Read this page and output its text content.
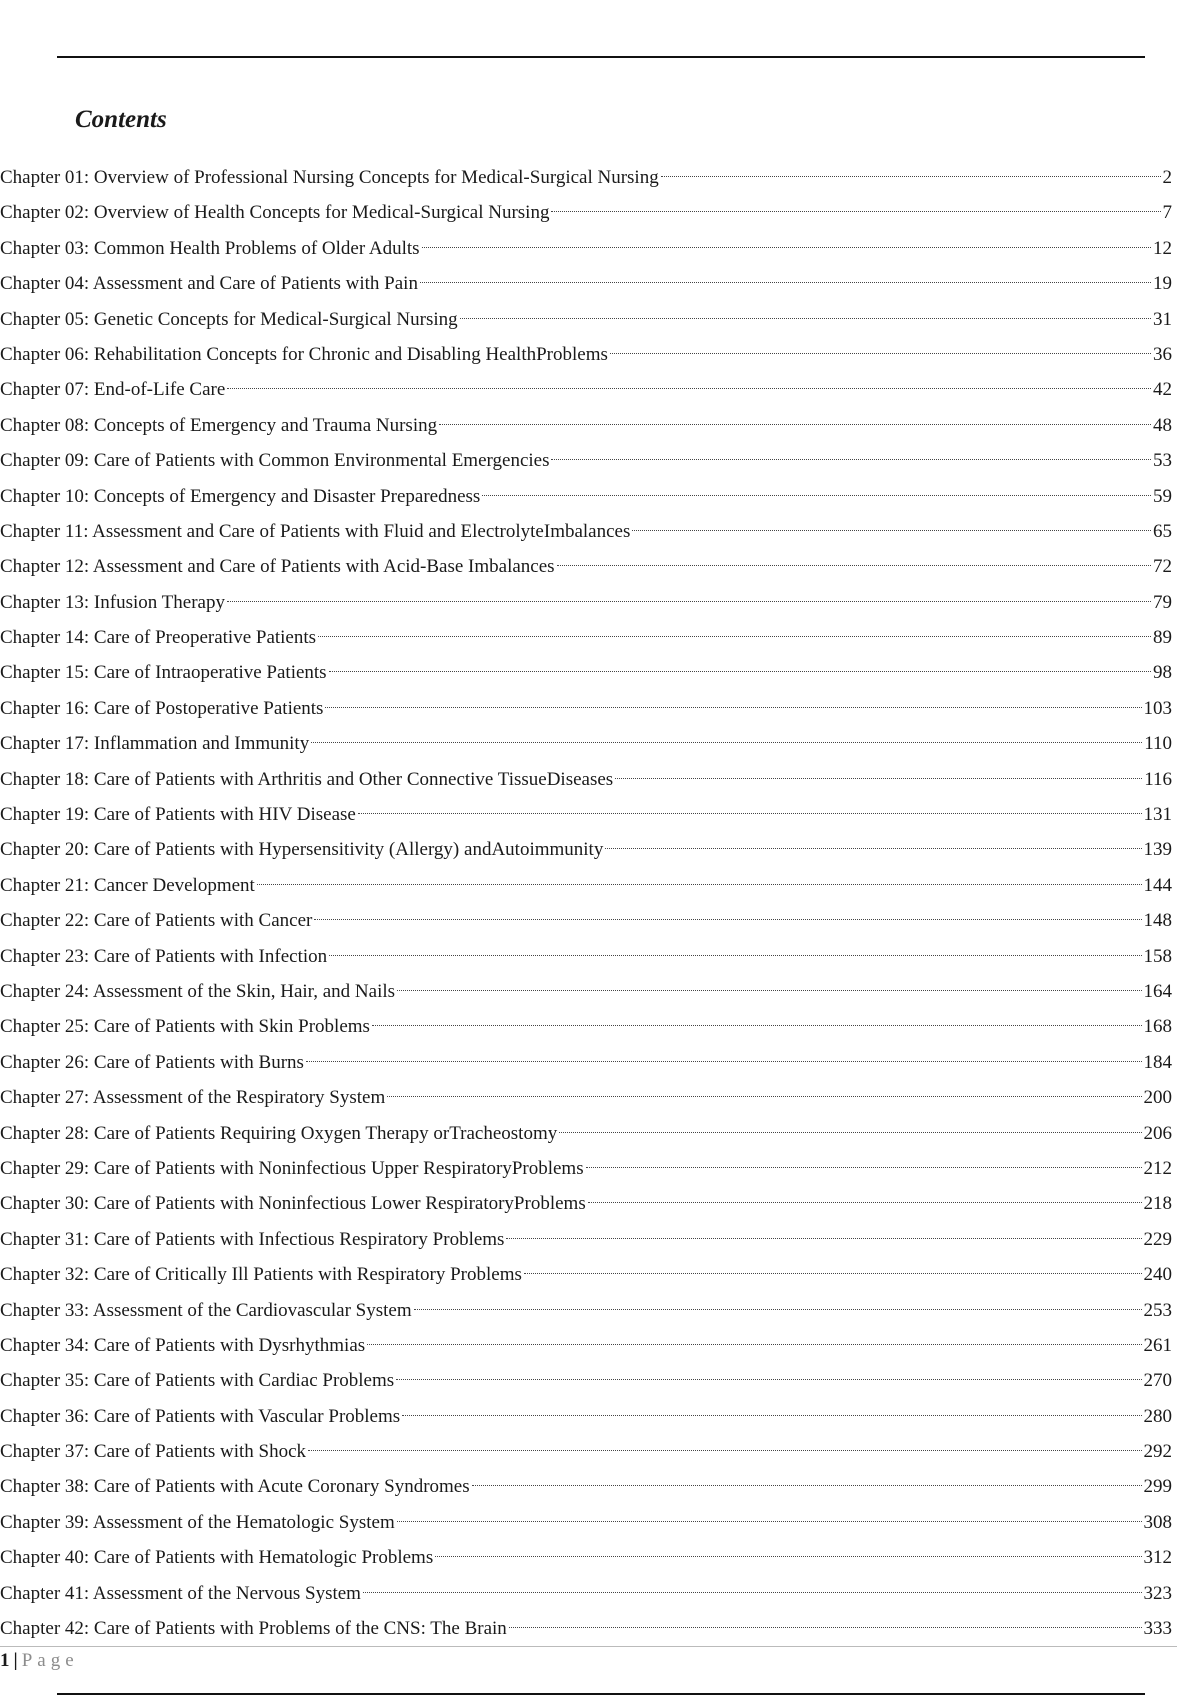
Contents
Chapter 01: Overview of Professional Nursing Concepts for Medical-Surgical Nursing	2
Chapter 02: Overview of Health Concepts for Medical-Surgical Nursing	7
Chapter 03: Common Health Problems of Older Adults	12
Chapter 04: Assessment and Care of Patients with Pain	19
Chapter 05: Genetic Concepts for Medical-Surgical Nursing	31
Chapter 06: Rehabilitation Concepts for Chronic and Disabling HealthProblems	36
Chapter 07: End-of-Life Care	42
Chapter 08: Concepts of Emergency and Trauma Nursing	48
Chapter 09: Care of Patients with Common Environmental Emergencies	53
Chapter 10: Concepts of Emergency and Disaster Preparedness	59
Chapter 11: Assessment and Care of Patients with Fluid and ElectrolyteImbalances	65
Chapter 12: Assessment and Care of Patients with Acid-Base Imbalances	72
Chapter 13: Infusion Therapy	79
Chapter 14: Care of Preoperative Patients	89
Chapter 15: Care of Intraoperative Patients	98
Chapter 16: Care of Postoperative Patients	103
Chapter 17: Inflammation and Immunity	110
Chapter 18: Care of Patients with Arthritis and Other Connective TissueDiseases	116
Chapter 19: Care of Patients with HIV Disease	131
Chapter 20: Care of Patients with Hypersensitivity (Allergy) andAutoimmunity	139
Chapter 21: Cancer Development	144
Chapter 22: Care of Patients with Cancer	148
Chapter 23: Care of Patients with Infection	158
Chapter 24: Assessment of the Skin, Hair, and Nails	164
Chapter 25: Care of Patients with Skin Problems	168
Chapter 26: Care of Patients with Burns	184
Chapter 27: Assessment of the Respiratory System	200
Chapter 28: Care of Patients Requiring Oxygen Therapy orTracheostomy	206
Chapter 29: Care of Patients with Noninfectious Upper RespiratoryProblems	212
Chapter 30: Care of Patients with Noninfectious Lower RespiratoryProblems	218
Chapter 31: Care of Patients with Infectious Respiratory Problems	229
Chapter 32: Care of Critically Ill Patients with Respiratory Problems	240
Chapter 33: Assessment of the Cardiovascular System	253
Chapter 34: Care of Patients with Dysrhythmias	261
Chapter 35: Care of Patients with Cardiac Problems	270
Chapter 36: Care of Patients with Vascular Problems	280
Chapter 37: Care of Patients with Shock	292
Chapter 38: Care of Patients with Acute Coronary Syndromes	299
Chapter 39: Assessment of the Hematologic System	308
Chapter 40: Care of Patients with Hematologic Problems	312
Chapter 41: Assessment of the Nervous System	323
Chapter 42: Care of Patients with Problems of the CNS: The Brain	333
1 | Page
